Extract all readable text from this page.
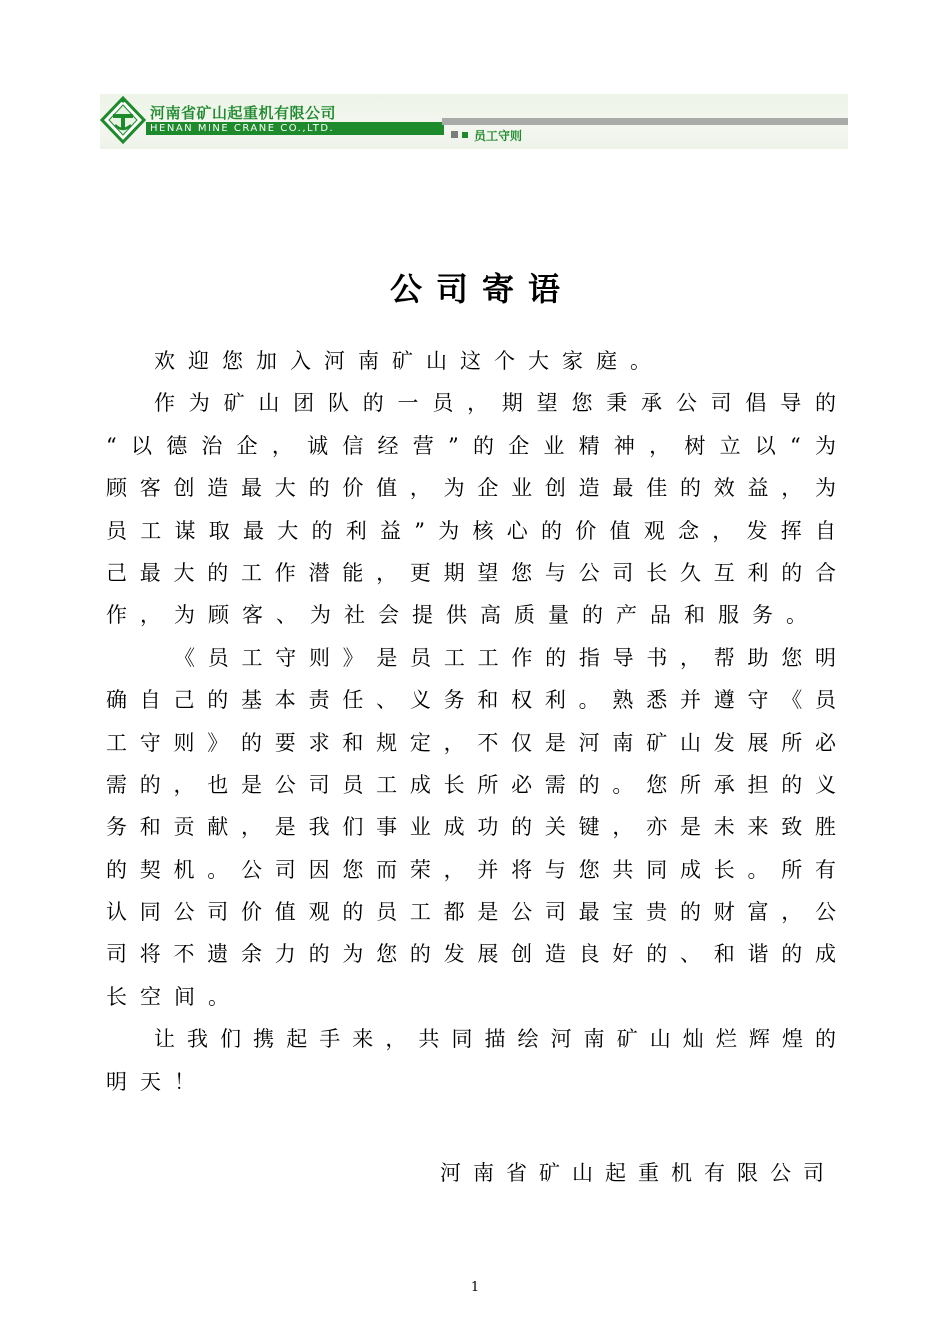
河南省矿山起重机有限公司
HENAN MINE CRANE CO.,LTD.
员工守则
公司寄语
欢迎您加入河南矿山这个大家庭。
作为矿山团队的一员，期望您秉承公司倡导的
“以德治企，诚信经营”的企业精神，树立以“为
顾客创造最大的价值，为企业创造最佳的效益，为
员工谋取最大的利益”为核心的价值观念，发挥自
己最大的工作潜能，更期望您与公司长久互利的合
作，为顾客、为社会提供高质量的产品和服务。
《员工守则》是员工工作的指导书，帮助您明
确自己的基本责任、义务和权利。熟悉并遵守《员
工守则》的要求和规定，不仅是河南矿山发展所必
需的，也是公司员工成长所必需的。您所承担的义
务和贡献，是我们事业成功的关键，亦是未来致胜
的契机。公司因您而荣，并将与您共同成长。所有
认同公司价值观的员工都是公司最宝贵的财富，公
司将不遗余力的为您的发展创造良好的、和谐的成
长空间。
让我们携起手来，共同描绘河南矿山灿烂辉煌的
明天！
河南省矿山起重机有限公司
1
